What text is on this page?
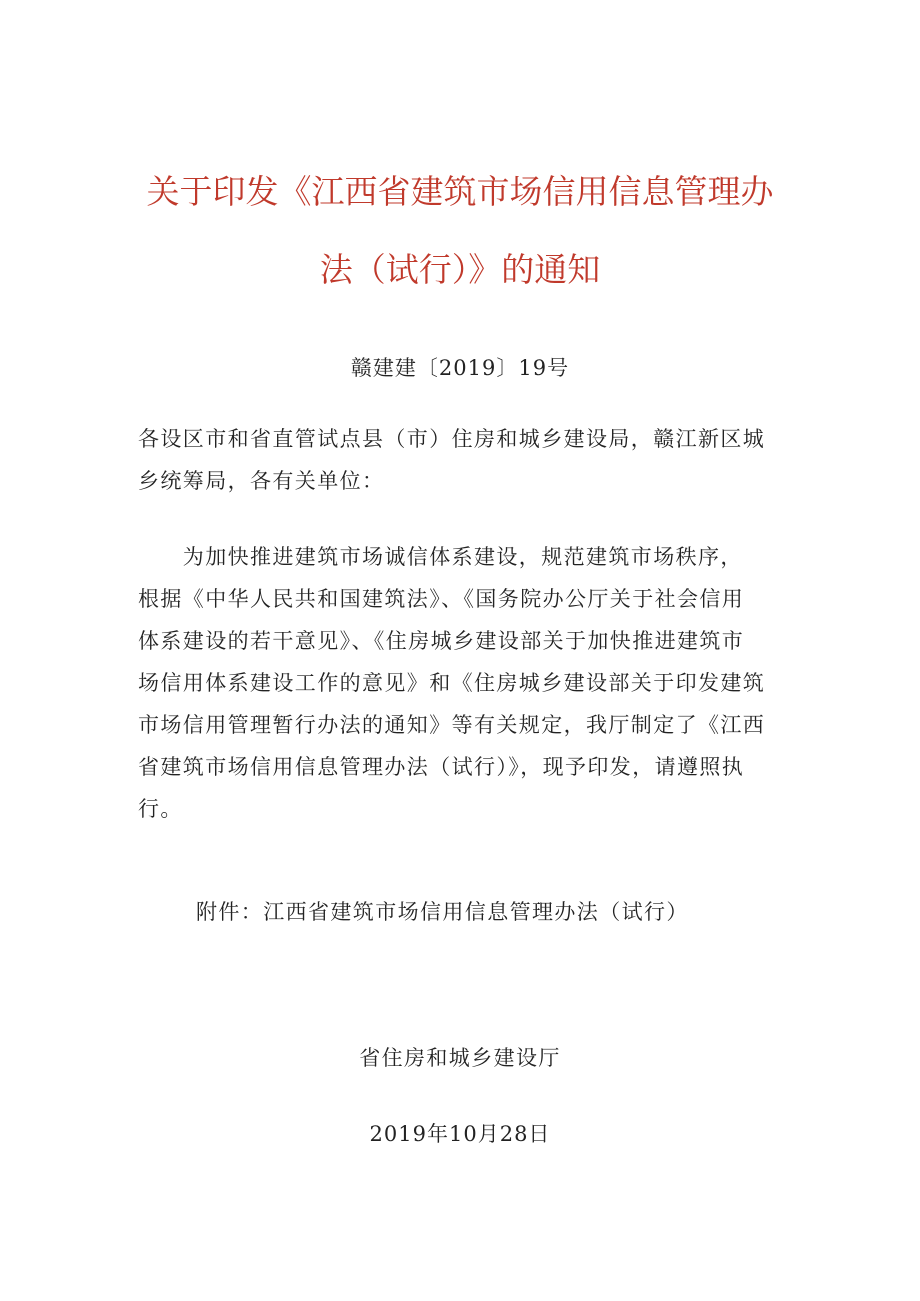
关于印发《江西省建筑市场信用信息管理办
法（试行）》的通知
赣建建〔2019〕19号
各设区市和省直管试点县（市）住房和城乡建设局，赣江新区城
乡统筹局，各有关单位：
　　为加快推进建筑市场诚信体系建设，规范建筑市场秩序，
根据《中华人民共和国建筑法》、《国务院办公厅关于社会信用
体系建设的若干意见》、《住房城乡建设部关于加快推进建筑市
场信用体系建设工作的意见》和《住房城乡建设部关于印发建筑
市场信用管理暂行办法的通知》等有关规定，我厅制定了《江西
省建筑市场信用信息管理办法（试行）》，现予印发，请遵照执
行。
附件：江西省建筑市场信用信息管理办法（试行）
省住房和城乡建设厅
2019年10月28日
